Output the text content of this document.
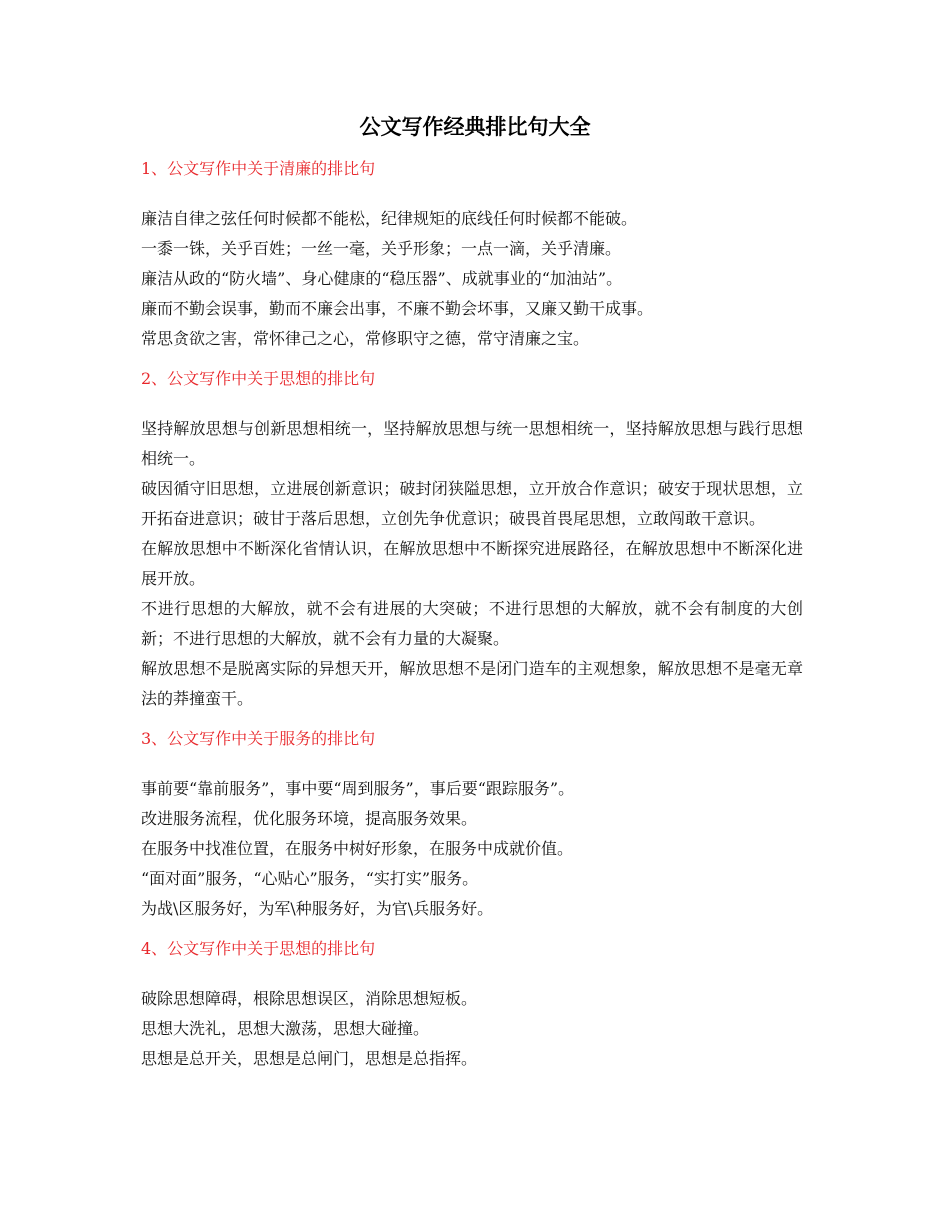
公文写作经典排比句大全

1、公文写作中关于清廉的排比句

廉洁自律之弦任何时候都不能松，纪律规矩的底线任何时候都不能破。

一黍一铢，关乎百姓；一丝一毫，关乎形象；一点一滴，关乎清廉。

廉洁从政的“防火墙”、身心健康的“稳压器”、成就事业的“加油站”。

廉而不勤会误事，勤而不廉会出事，不廉不勤会坏事，又廉又勤干成事。

常思贪欲之害，常怀律己之心，常修职守之德，常守清廉之宝。

2、公文写作中关于思想的排比句

坚持解放思想与创新思想相统一，坚持解放思想与统一思想相统一，坚持解放思想与践行思想相统一。

破因循守旧思想，立进展创新意识；破封闭狭隘思想，立开放合作意识；破安于现状思想，立开拓奋进意识；破甘于落后思想，立创先争优意识；破畏首畏尾思想，立敢闯敢干意识。

在解放思想中不断深化省情认识，在解放思想中不断探究进展路径，在解放思想中不断深化进展开放。

不进行思想的大解放，就不会有进展的大突破；不进行思想的大解放，就不会有制度的大创新；不进行思想的大解放，就不会有力量的大凝聚。

解放思想不是脱离实际的异想天开，解放思想不是闭门造车的主观想象，解放思想不是毫无章法的莽撞蛮干。

3、公文写作中关于服务的排比句

事前要“靠前服务”，事中要“周到服务”，事后要“跟踪服务”。

改进服务流程，优化服务环境，提高服务效果。

在服务中找准位置，在服务中树好形象，在服务中成就价值。

“面对面”服务，“心贴心”服务，“实打实”服务。

为战\区服务好，为军\种服务好，为官\兵服务好。

4、公文写作中关于思想的排比句

破除思想障碍，根除思想误区，消除思想短板。

思想大洗礼，思想大激荡，思想大碰撞。

思想是总开关，思想是总闸门，思想是总指挥。
